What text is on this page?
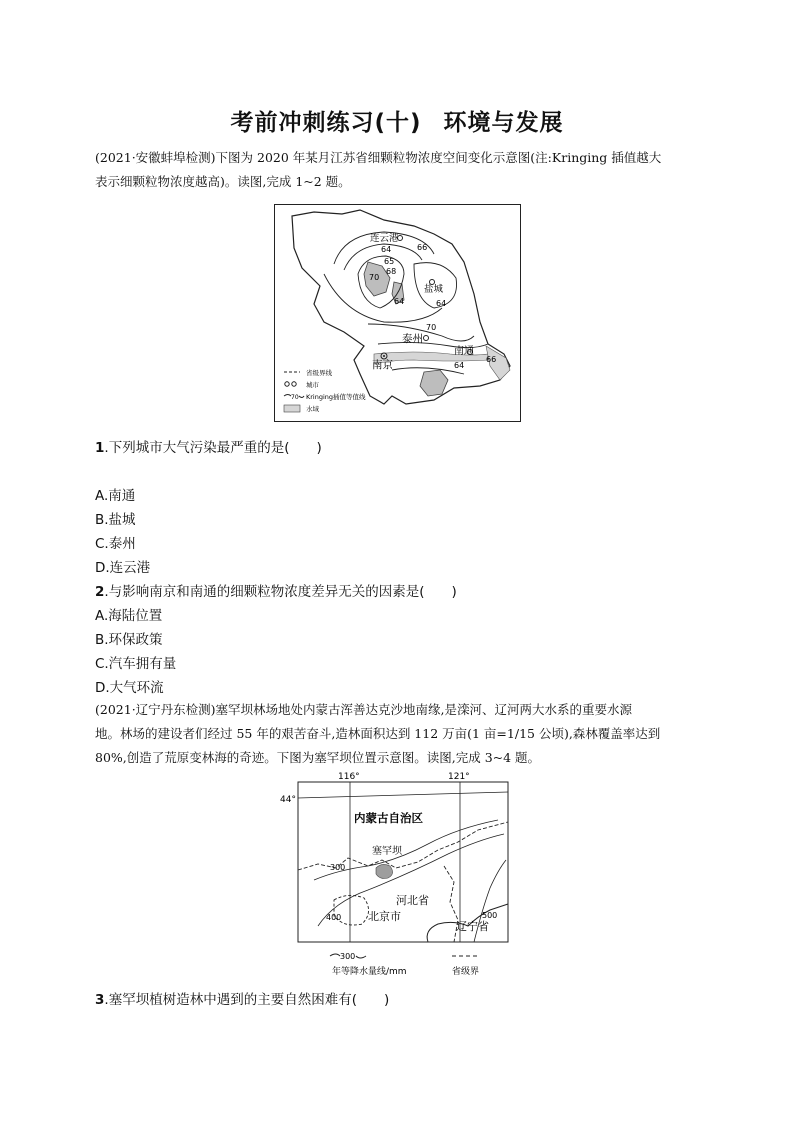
考前冲刺练习(十) 环境与发展
(2021·安徽蚌埠检测)下图为 2020 年某月江苏省细颗粒物浓度空间变化示意图(注:Kringing 插值越大
表示细颗粒物浓度越高)。读图,完成 1~2 题。
66
64
65
70
68
64
70
64
66
64
连云港
盐城
泰州
南京
南通
省级界线
城市
70 Kringing插值等值线
水域
1.下列城市大气污染最严重的是(　　)
A.南通
B.盐城
C.泰州
D.连云港
2.与影响南京和南通的细颗粒物浓度差异无关的因素是(　　)
A.海陆位置
B.环保政策
C.汽车拥有量
D.大气环流
(2021·辽宁丹东检测)塞罕坝林场地处内蒙古浑善达克沙地南缘,是滦河、辽河两大水系的重要水源
地。林场的建设者们经过 55 年的艰苦奋斗,造林面积达到 112 万亩(1 亩=1/15 公顷),森林覆盖率达到
80%,创造了荒原变林海的奇迹。下图为塞罕坝位置示意图。读图,完成 3~4 题。
116°	121°
44°
300
400	500
塞罕坝
内蒙古自治区
河北省
北京市
辽宁省
300
年等降水量线/mm	省级界
3.塞罕坝植树造林中遇到的主要自然困难有(　　)
